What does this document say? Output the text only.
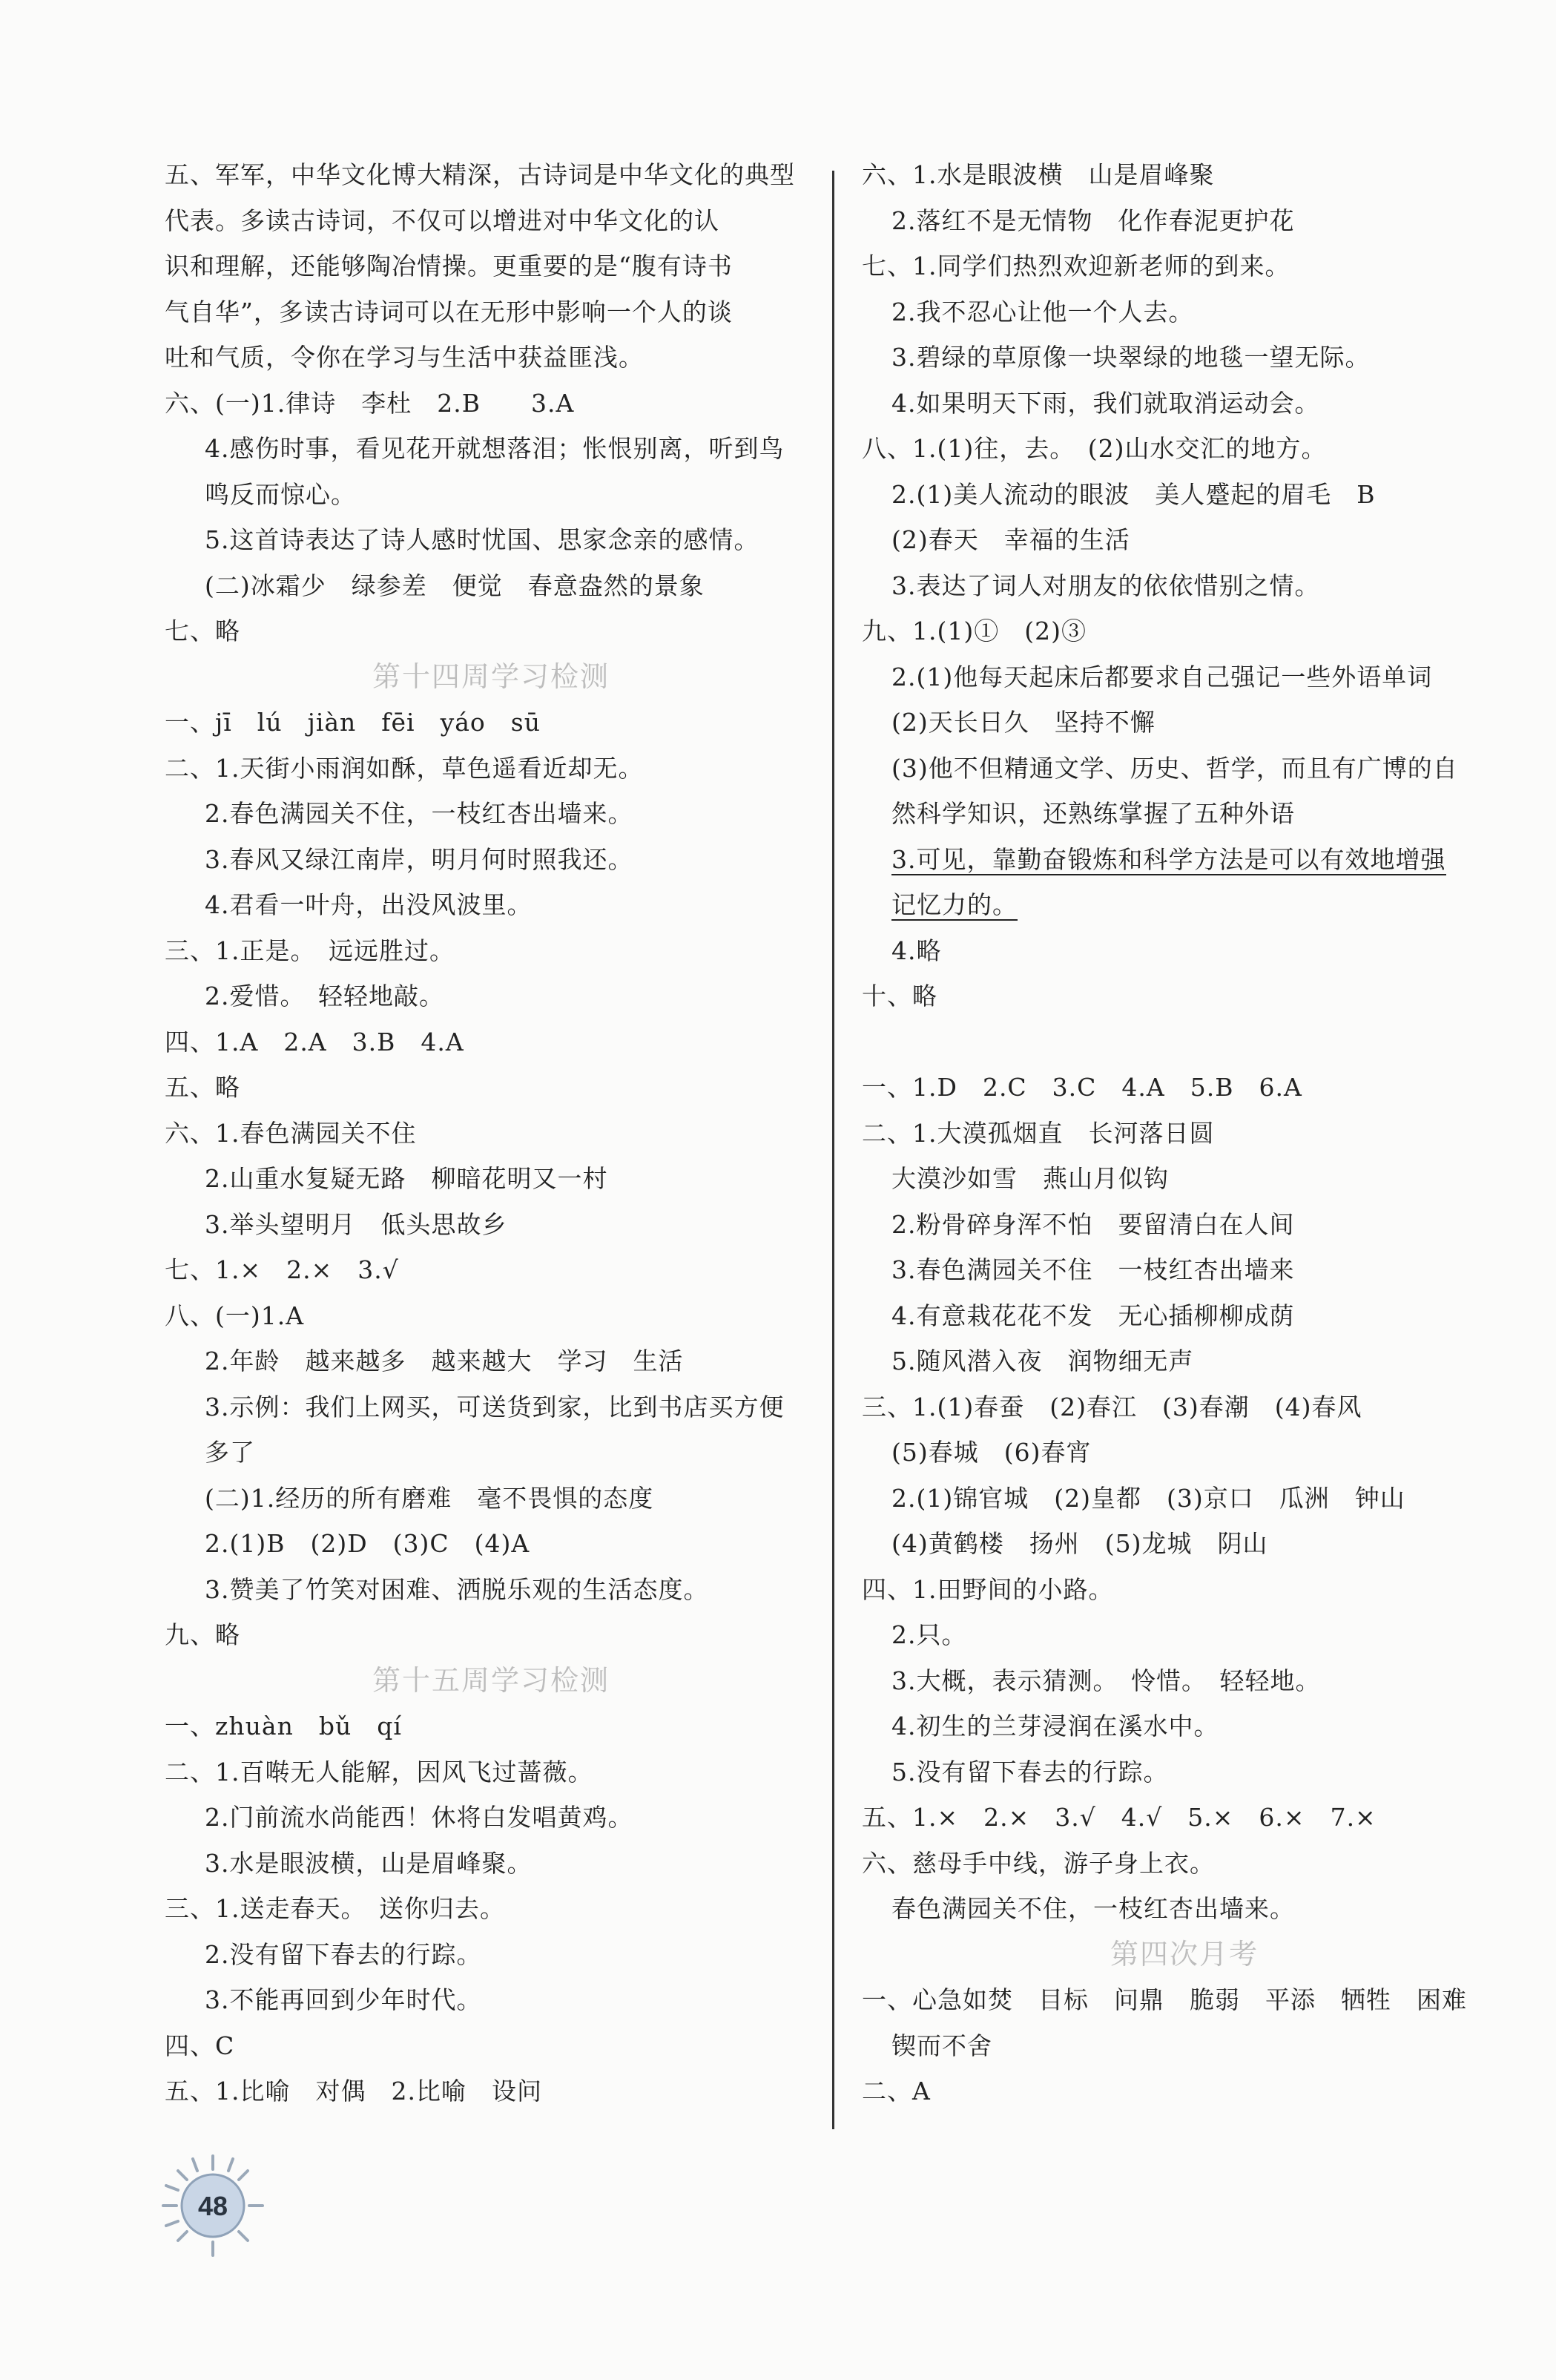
五、军军，中华文化博大精深，古诗词是中华文化的典型
代表。多读古诗词，不仅可以增进对中华文化的认
识和理解，还能够陶冶情操。更重要的是“腹有诗书
气自华”，多读古诗词可以在无形中影响一个人的谈
吐和气质，令你在学习与生活中获益匪浅。
六、(一)1.律诗　李杜　2.B　　3.A
4.感伤时事，看见花开就想落泪；怅恨别离，听到鸟
鸣反而惊心。
5.这首诗表达了诗人感时忧国、思家念亲的感情。
(二)冰霜少　绿参差　便觉　春意盎然的景象
七、略
第十四周学习检测
一、jī　lú　jiàn　fēi　yáo　sū
二、1.天街小雨润如酥，草色遥看近却无。
2.春色满园关不住，一枝红杏出墙来。
3.春风又绿江南岸，明月何时照我还。
4.君看一叶舟，出没风波里。
三、1.正是。　远远胜过。
2.爱惜。　轻轻地敲。
四、1.A　2.A　3.B　4.A
五、略
六、1.春色满园关不住
2.山重水复疑无路　柳暗花明又一村
3.举头望明月　低头思故乡
七、1.×　2.×　3.√
八、(一)1.A
2.年龄　越来越多　越来越大　学习　生活
3.示例：我们上网买，可送货到家，比到书店买方便
多了
(二)1.经历的所有磨难　毫不畏惧的态度
2.(1)B　(2)D　(3)C　(4)A
3.赞美了竹笑对困难、洒脱乐观的生活态度。
九、略
第十五周学习检测
一、zhuàn　bǔ　qí
二、1.百啭无人能解，因风飞过蔷薇。
2.门前流水尚能西！休将白发唱黄鸡。
3.水是眼波横，山是眉峰聚。
三、1.送走春天。　送你归去。
2.没有留下春去的行踪。
3.不能再回到少年时代。
四、C
五、1.比喻　对偶　2.比喻　设问
六、1.水是眼波横　山是眉峰聚
2.落红不是无情物　化作春泥更护花
七、1.同学们热烈欢迎新老师的到来。
2.我不忍心让他一个人去。
3.碧绿的草原像一块翠绿的地毯一望无际。
4.如果明天下雨，我们就取消运动会。
八、1.(1)往，去。　(2)山水交汇的地方。
2.(1)美人流动的眼波　美人蹙起的眉毛　B
(2)春天　幸福的生活
3.表达了词人对朋友的依依惜别之情。
九、1.(1)①　(2)③
2.(1)他每天起床后都要求自己强记一些外语单词
(2)天长日久　坚持不懈
(3)他不但精通文学、历史、哲学，而且有广博的自
然科学知识，还熟练掌握了五种外语
3.可见，靠勤奋锻炼和科学方法是可以有效地增强
记忆力的。
4.略
十、略
一、1.D　2.C　3.C　4.A　5.B　6.A
二、1.大漠孤烟直　长河落日圆
大漠沙如雪　燕山月似钩
2.粉骨碎身浑不怕　要留清白在人间
3.春色满园关不住　一枝红杏出墙来
4.有意栽花花不发　无心插柳柳成荫
5.随风潜入夜　润物细无声
三、1.(1)春蚕　(2)春江　(3)春潮　(4)春风
(5)春城　(6)春宵
2.(1)锦官城　(2)皇都　(3)京口　瓜洲　钟山
(4)黄鹤楼　扬州　(5)龙城　阴山
四、1.田野间的小路。
2.只。
3.大概，表示猜测。　怜惜。　轻轻地。
4.初生的兰芽浸润在溪水中。
5.没有留下春去的行踪。
五、1.×　2.×　3.√　4.√　5.×　6.×　7.×
六、慈母手中线，游子身上衣。
春色满园关不住，一枝红杏出墙来。
第四次月考
一、心急如焚　目标　问鼎　脆弱　平添　牺牲　困难
锲而不舍
二、A
48
